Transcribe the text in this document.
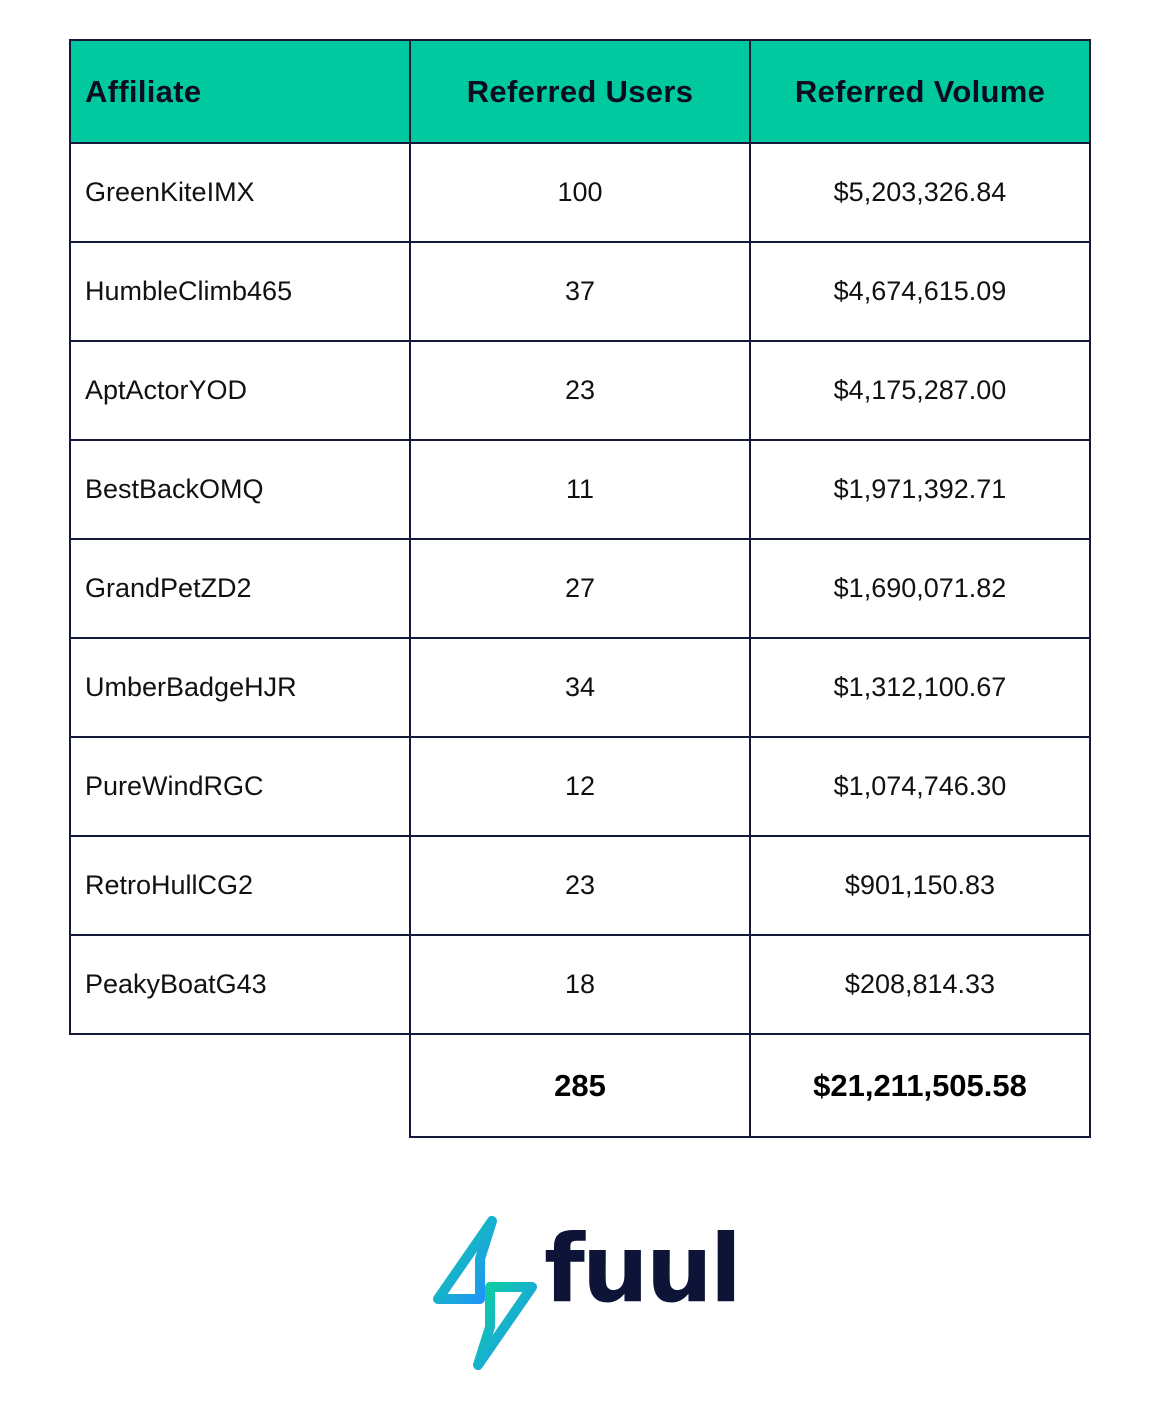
Affiliate	Referred Users	Referred Volume
GreenKiteIMX	100	$5,203,326.84
HumbleClimb465	37	$4,674,615.09
AptActorYOD	23	$4,175,287.00
BestBackOMQ	11	$1,971,392.71
GrandPetZD2	27	$1,690,071.82
UmberBadgeHJR	34	$1,312,100.67
PureWindRGC	12	$1,074,746.30
RetroHullCG2	23	$901,150.83
PeakyBoatG43	18	$208,814.33
	285	$21,211,505.58
fuul
